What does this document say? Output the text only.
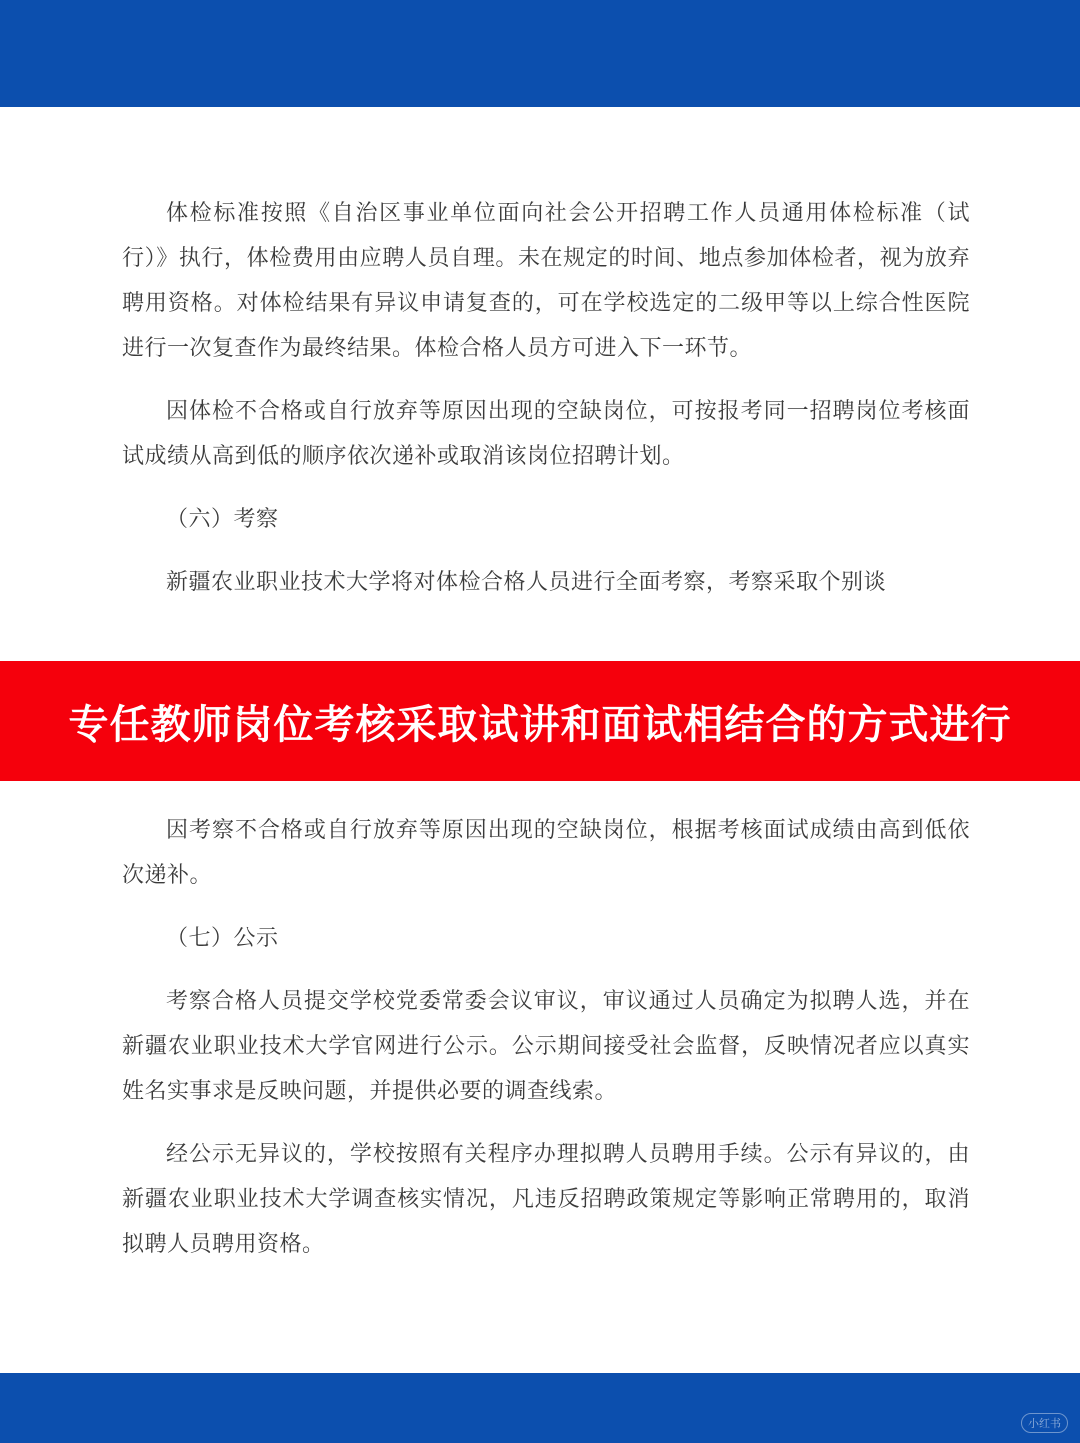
体检标准按照《自治区事业单位面向社会公开招聘工作人员通用体检标准（试行）》执行，体检费用由应聘人员自理。未在规定的时间、地点参加体检者，视为放弃聘用资格。对体检结果有异议申请复查的，可在学校选定的二级甲等以上综合性医院进行一次复查作为最终结果。体检合格人员方可进入下一环节。

因体检不合格或自行放弃等原因出现的空缺岗位，可按报考同一招聘岗位考核面试成绩从高到低的顺序依次递补或取消该岗位招聘计划。

（六）考察

新疆农业职业技术大学将对体检合格人员进行全面考察，考察采取个别谈

专任教师岗位考核采取试讲和面试相结合的方式进行

因考察不合格或自行放弃等原因出现的空缺岗位，根据考核面试成绩由高到低依次递补。

（七）公示

考察合格人员提交学校党委常委会议审议，审议通过人员确定为拟聘人选，并在新疆农业职业技术大学官网进行公示。公示期间接受社会监督，反映情况者应以真实姓名实事求是反映问题，并提供必要的调查线索。

经公示无异议的，学校按照有关程序办理拟聘人员聘用手续。公示有异议的，由新疆农业职业技术大学调查核实情况，凡违反招聘政策规定等影响正常聘用的，取消拟聘人员聘用资格。

小红书
